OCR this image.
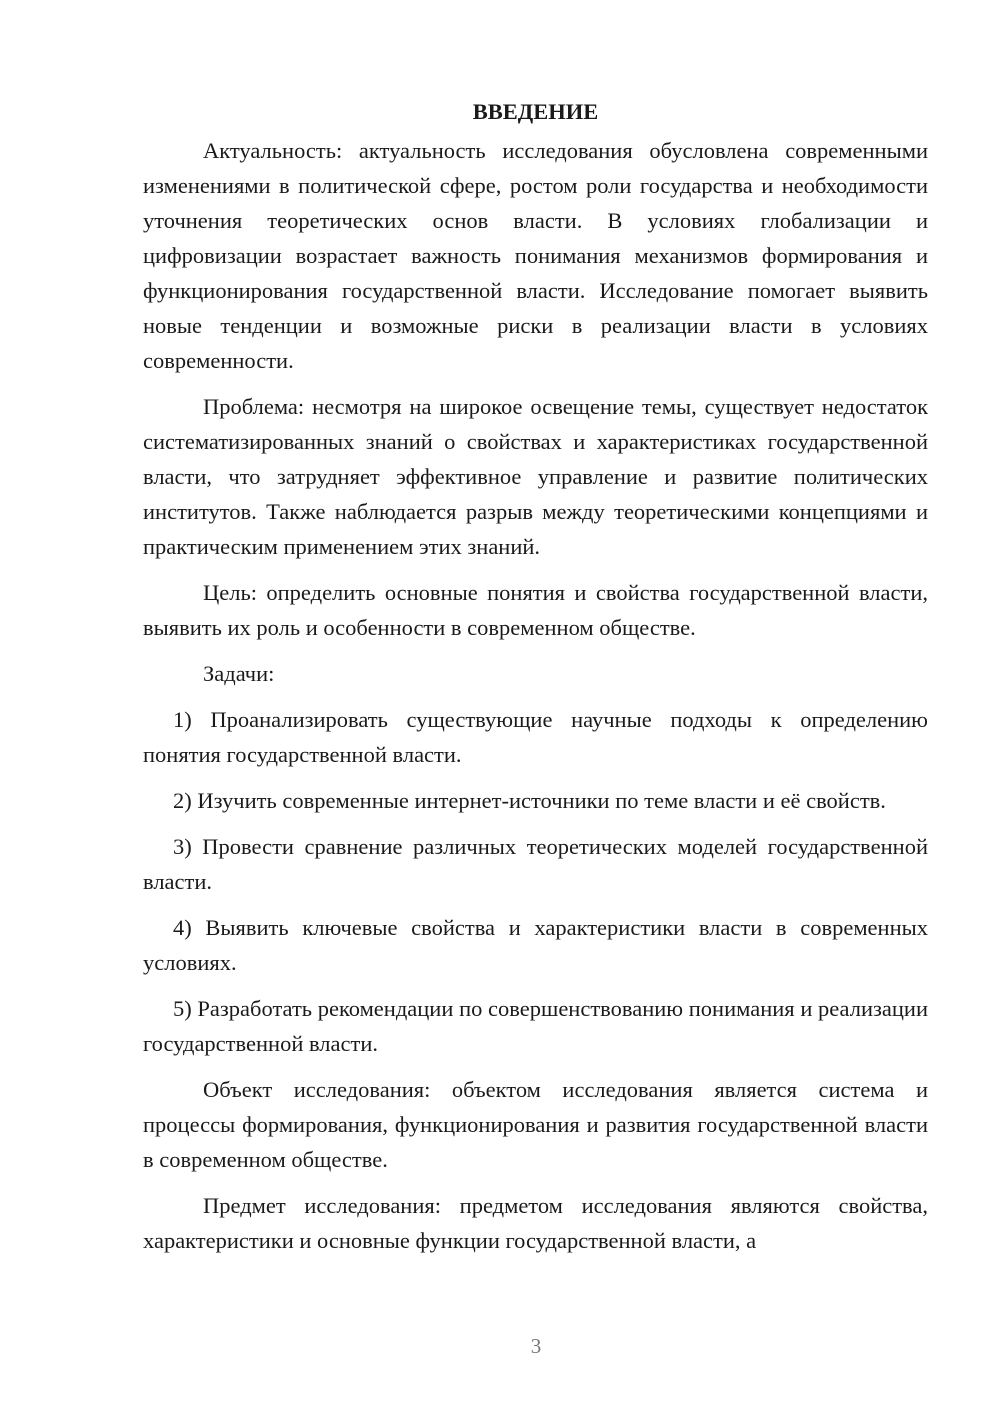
ВВЕДЕНИЕ

Актуальность: актуальность исследования обусловлена современными изменениями в политической сфере, ростом роли государства и необходимости уточнения теоретических основ власти. В условиях глобализации и цифровизации возрастает важность понимания механизмов формирования и функционирования государственной власти. Исследование помогает выявить новые тенденции и возможные риски в реализации власти в условиях современности.

Проблема: несмотря на широкое освещение темы, существует недостаток систематизированных знаний о свойствах и характеристиках государственной власти, что затрудняет эффективное управление и развитие политических институтов. Также наблюдается разрыв между теоретическими концепциями и практическим применением этих знаний.

Цель: определить основные понятия и свойства государственной власти, выявить их роль и особенности в современном обществе.

Задачи:

1) Проанализировать существующие научные подходы к определению понятия государственной власти.

2) Изучить современные интернет-источники по теме власти и её свойств.

3) Провести сравнение различных теоретических моделей государственной власти.

4) Выявить ключевые свойства и характеристики власти в современных условиях.

5) Разработать рекомендации по совершенствованию понимания и реализации государственной власти.

Объект исследования: объектом исследования является система и процессы формирования, функционирования и развития государственной власти в современном обществе.

Предмет исследования: предметом исследования являются свойства, характеристики и основные функции государственной власти, а

3
